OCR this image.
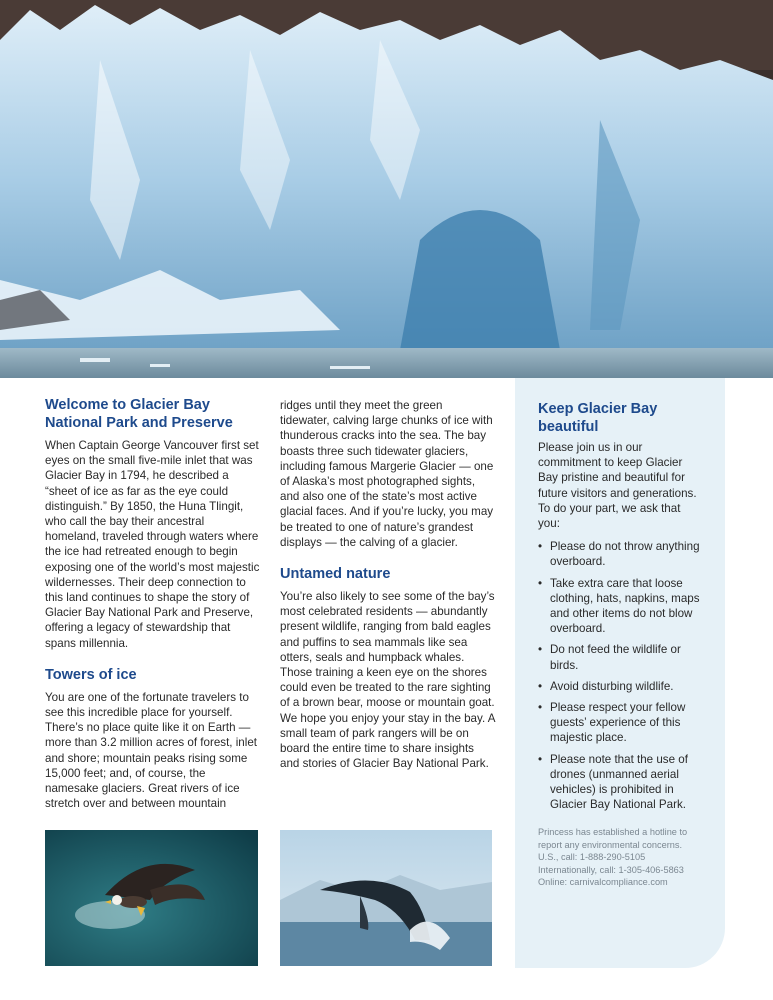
Welcome to Glacier Bay
National Park and Preserve

When Captain George Vancouver first set eyes on the small five-mile inlet that was Glacier Bay in 1794, he described a “sheet of ice as far as the eye could distinguish.” By 1850, the Huna Tlingit, who call the bay their ancestral homeland, traveled through waters where the ice had retreated enough to begin exposing one of the world’s most majestic wildernesses. Their deep connection to this land continues to shape the story of Glacier Bay National Park and Preserve, offering a legacy of stewardship that spans millennia.

Towers of ice

You are one of the fortunate travelers to see this incredible place for yourself. There’s no place quite like it on Earth — more than 3.2 million acres of forest, inlet and shore; mountain peaks rising some 15,000 feet; and, of course, the namesake glaciers. Great rivers of ice stretch over and between mountain

ridges until they meet the green tidewater, calving large chunks of ice with thunderous cracks into the sea. The bay boasts three such tidewater glaciers, including famous Margerie Glacier — one of Alaska’s most photographed sights, and also one of the state’s most active glacial faces. And if you’re lucky, you may be treated to one of nature’s grandest displays — the calving of a glacier.

Untamed nature

You’re also likely to see some of the bay’s most celebrated residents — abundantly present wildlife, ranging from bald eagles and puffins to sea mammals like sea otters, seals and humpback whales. Those training a keen eye on the shores could even be treated to the rare sighting of a brown bear, moose or mountain goat.

We hope you enjoy your stay in the bay. A small team of park rangers will be on board the entire time to share insights and stories of Glacier Bay National Park.

Keep Glacier Bay
beautiful

Please join us in our commitment to keep Glacier Bay pristine and beautiful for future visitors and generations. To do your part, we ask that you:

• Please do not throw anything overboard.
• Take extra care that loose clothing, hats, napkins, maps and other items do not blow overboard.
• Do not feed the wildlife or birds.
• Avoid disturbing wildlife.
• Please respect your fellow guests’ experience of this majestic place.
• Please note that the use of drones (unmanned aerial vehicles) is prohibited in Glacier Bay National Park.
Princess has established a hotline to report any environmental concerns.
U.S., call: 1-888-290-5105
Internationally, call: 1-305-406-5863
Online: carnivalcompliance.com
